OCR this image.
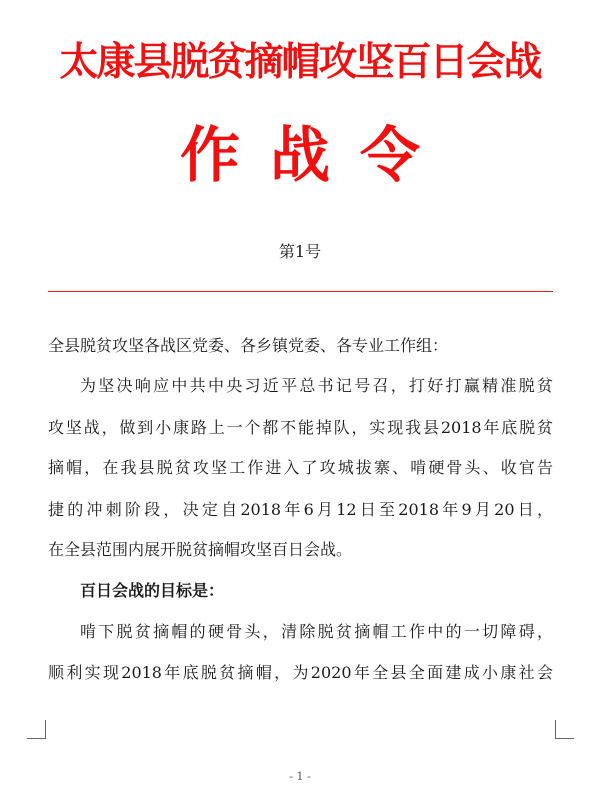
太康县脱贫摘帽攻坚百日会战
作战令
第1号
全县脱贫攻坚各战区党委、各乡镇党委、各专业工作组：
为坚决响应中共中央习近平总书记号召，打好打赢精准脱贫
攻坚战，做到小康路上一个都不能掉队，实现我县2018年底脱贫
摘帽，在我县脱贫攻坚工作进入了攻城拔寨、啃硬骨头、收官告
捷的冲刺阶段，决定自2018年6月12日至2018年9月20日，
在全县范围内展开脱贫摘帽攻坚百日会战。
百日会战的目标是：
啃下脱贫摘帽的硬骨头，清除脱贫摘帽工作中的一切障碍，
顺利实现2018年底脱贫摘帽，为2020年全县全面建成小康社会
- 1 -
